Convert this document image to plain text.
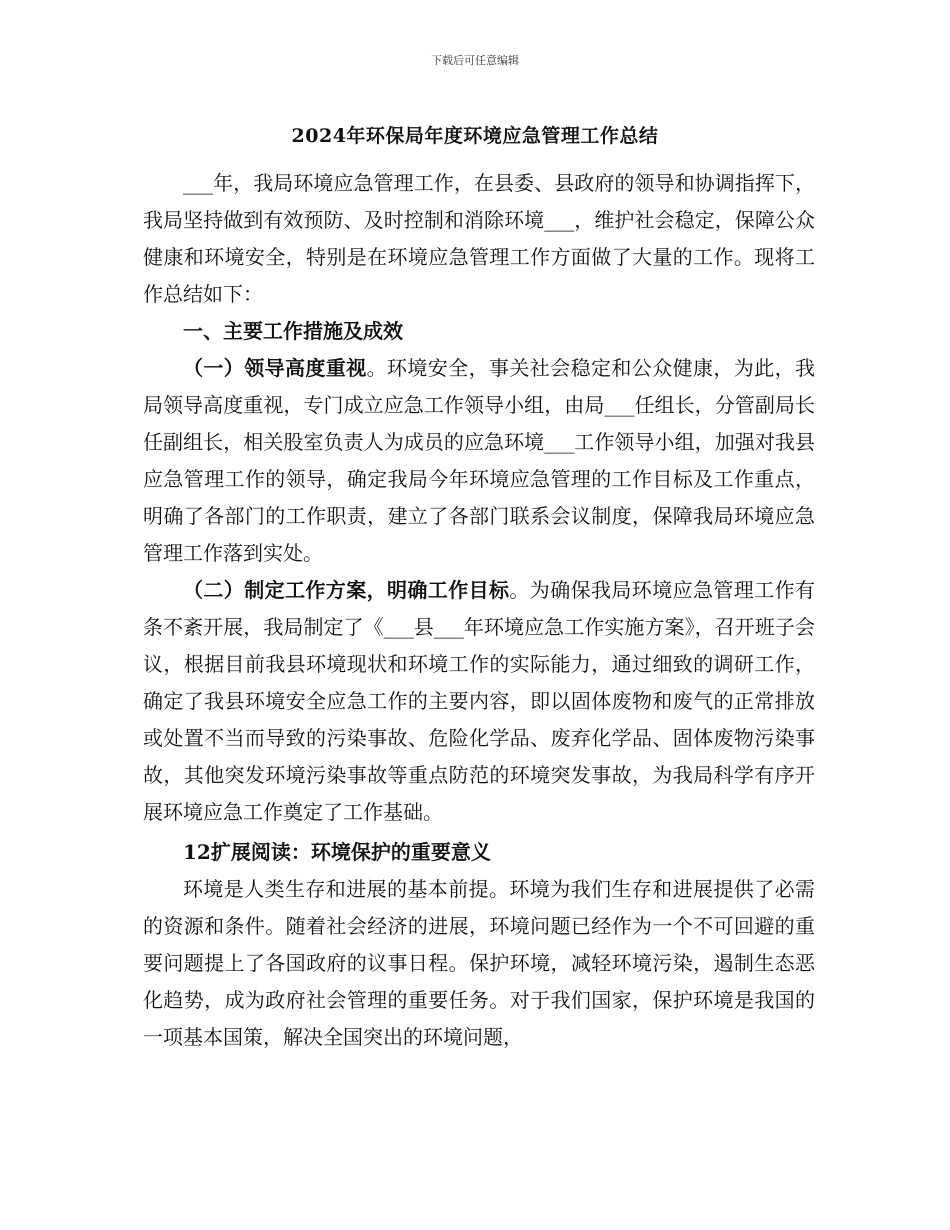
下载后可任意编辑
2024年环保局年度环境应急管理工作总结

___年，我局环境应急管理工作，在县委、县政府的领导和协调指挥下，我局坚持做到有效预防、及时控制和消除环境___，维护社会稳定，保障公众健康和环境安全，特别是在环境应急管理工作方面做了大量的工作。现将工作总结如下：

一、主要工作措施及成效

（一）领导高度重视。环境安全，事关社会稳定和公众健康，为此，我局领导高度重视，专门成立应急工作领导小组，由局___任组长，分管副局长任副组长，相关股室负责人为成员的应急环境___工作领导小组，加强对我县应急管理工作的领导，确定我局今年环境应急管理的工作目标及工作重点，明确了各部门的工作职责，建立了各部门联系会议制度，保障我局环境应急管理工作落到实处。

（二）制定工作方案，明确工作目标。为确保我局环境应急管理工作有条不紊开展，我局制定了《___县___年环境应急工作实施方案》，召开班子会议，根据目前我县环境现状和环境工作的实际能力，通过细致的调研工作，确定了我县环境安全应急工作的主要内容，即以固体废物和废气的正常排放或处置不当而导致的污染事故、危险化学品、废弃化学品、固体废物污染事故，其他突发环境污染事故等重点防范的环境突发事故，为我局科学有序开展环境应急工作奠定了工作基础。

12扩展阅读：环境保护的重要意义

环境是人类生存和进展的基本前提。环境为我们生存和进展提供了必需的资源和条件。随着社会经济的进展，环境问题已经作为一个不可回避的重要问题提上了各国政府的议事日程。保护环境，减轻环境污染，遏制生态恶化趋势，成为政府社会管理的重要任务。对于我们国家，保护环境是我国的一项基本国策，解决全国突出的环境问题，
